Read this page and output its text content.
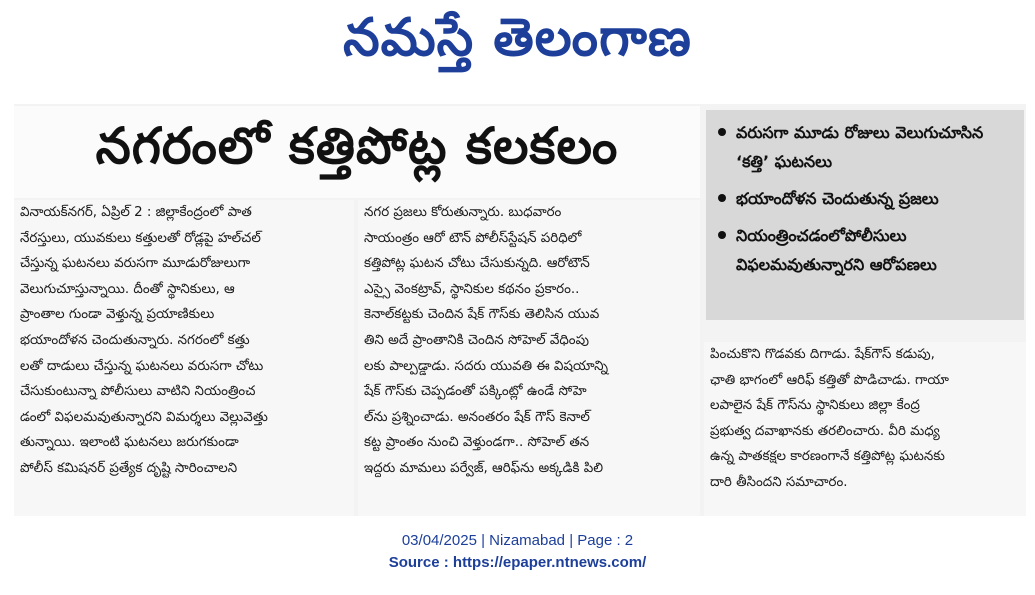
నమస్తే తెలంగాణ
నగరంలో కత్తిపోట్ల కలకలం	వరుసగా మూడు రోజులు వెలుగుచూసిన ‘కత్తి’ ఘటనలు
భయాందోళన చెందుతున్న ప్రజలు
నియంత్రించడంలోపోలీసులు విఫలమవుతున్నారని ఆరోపణలు
వినాయక్‌నగర్, ఏప్రిల్ 2 : జిల్లాకేంద్రంలో పాత
నేరస్తులు, యువకులు కత్తులతో రోడ్లపై హల్‌చల్
చేస్తున్న ఘటనలు వరుసగా మూడురోజులుగా
వెలుగుచూస్తున్నాయి. దీంతో స్థానికులు, ఆ
ప్రాంతాల గుండా వెళ్తున్న ప్రయాణికులు
భయాందోళన చెందుతున్నారు. నగరంలో కత్తు
లతో దాడులు చేస్తున్న ఘటనలు వరుసగా చోటు
చేసుకుంటున్నా పోలీసులు వాటిని నియంత్రించ
డంలో విఫలమవుతున్నారని విమర్శలు వెల్లువెత్తు
తున్నాయి. ఇలాంటి ఘటనలు జరుగకుండా
పోలీస్ కమిషనర్ ప్రత్యేక దృష్టి సారించాలని
నగర ప్రజలు కోరుతున్నారు. బుధవారం
సాయంత్రం ఆరో టౌన్ పోలీస్‌స్టేషన్ పరిధిలో
కత్తిపోట్ల ఘటన చోటు చేసుకున్నది. ఆరోటౌన్
ఎస్సై వెంకట్రావ్, స్థానికుల కథనం ప్రకారం..
కెనాల్‌కట్టకు చెందిన షేక్ గౌస్‌కు తెలిసిన యువ
తిని అదే ప్రాంతానికి చెందిన సోహెల్ వేధింపు
లకు పాల్పడ్డాడు. సదరు యువతి ఈ విషయాన్ని
షేక్ గౌస్‌కు చెప్పడంతో పక్కింట్లో ఉండే సోహె
ల్‌ను ప్రశ్నించాడు. అనంతరం షేక్ గౌస్ కెనాల్
కట్ట ప్రాంతం నుంచి వెళ్తుండగా.. సోహెల్ తన
ఇద్దరు మామలు పర్వేజ్, ఆరిఫ్‌ను అక్కడికి పిలి
పించుకొని గొడవకు దిగాడు. షేక్‌గౌస్ కడుపు,
ఛాతి భాగంలో ఆరిఫ్ కత్తితో పొడిచాడు. గాయా
లపాలైన షేక్ గౌస్‌ను స్థానికులు జిల్లా కేంద్ర
ప్రభుత్వ దవాఖానకు తరలించారు. వీరి మధ్య
ఉన్న పాతకక్షల కారణంగానే కత్తిపోట్ల ఘటనకు
దారి తీసిందని సమాచారం.
03/04/2025 | Nizamabad | Page : 2
Source : https://epaper.ntnews.com/
